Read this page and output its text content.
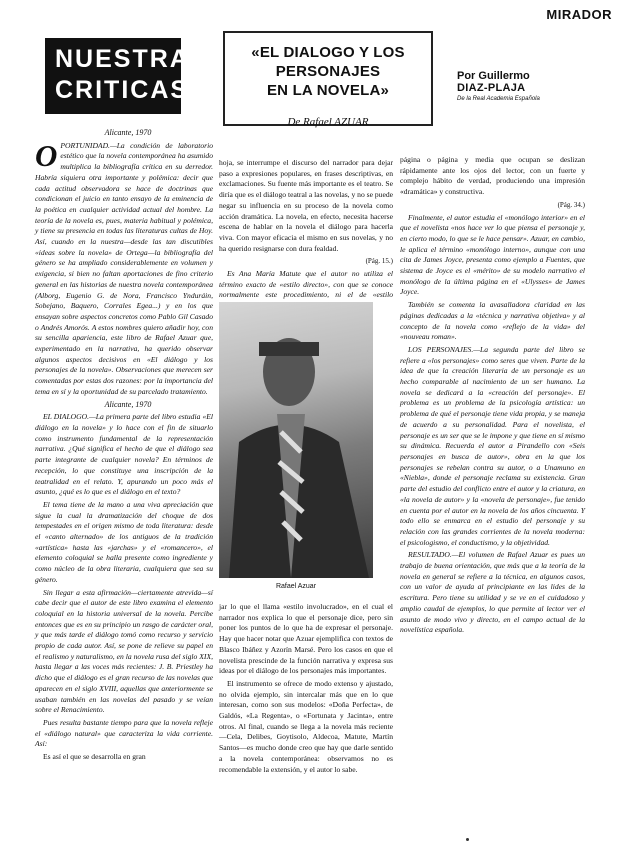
MIRADOR
NUESTRAS
CRITICAS
«EL DIALOGO Y LOS PERSONAJES
EN LA NOVELA»
De Rafael AZUAR
Por Guillermo
DIAZ-PLAJA
De la Real Academia Española

Alicante, 1970

OPORTUNIDAD.—La condición de laboratorio estético que la novela contemporánea ha asumido multiplica la bibliografía crítica en su derredor. Habría siquiera otra importante y polémica: decir que cada actitud observadora se hace de doctrinas que condicionan el juicio en tanto ensayo de la eminencia de la poética en cualquier actividad actual del hombre. La teoría de la novela es, pues, materia habitual y polémica, y tiene su presencia en todas las literaturas cultas de Hoy. Así, cuando en la nuestra—desde las tan discutibles «ideas sobre la novela» de Ortega—la bibliografía del género se ha ampliado considerablemente en volumen y exigencia, si bien no faltan aportaciones de fino criterio general en las historias de nuestra novela contemporánea (Alborg, Eugenio G. de Nora, Francisco Ynduráin, Sobejano, Baquero, Corrales Egea...) y en los que ensayan sobre aspectos concretos como Pablo Gil Casado o Andrés Amorós. A estos nombres quiero añadir hoy, con su sencilla apariencia, este libro de Rafael Azuar que, experimentado en la narrativa, ha querido observar algunos aspectos decisivos en «El diálogo y los personajes de la novela». Observaciones que merecen ser comentadas por estas dos razones: por la importancia del tema en sí y la oportunidad de su parcelado tratamiento.

Alicante, 1970

EL DIALOGO.—La primera parte del libro estudia «El diálogo en la novela» y lo hace con el fin de situarlo como instrumento fundamental de la representación narrativa. ¿Qué significa el hecho de que el diálogo sea parte integrante de cualquier novela? En términos de recepción, lo que constituye una inscripción de la teatralidad en el relato. Y, apurando un poco más el asunto, ¿qué es lo que es el diálogo en el texto?

El tema tiene de la mano a una viva apreciación que sigue la cual la dramatización del choque de dos tempestades en el origen mismo de toda literatura: desde el «canto alternado» de los antiguos de la tradición «artística» hasta las «jarchas» y el «romancero», el elemento coloquial se halla presente como ingrediente y como núcleo de la obra literaria, cualquiera que sea su género.

Sin llegar a esta afirmación—ciertamente atrevida—sí cabe decir que el autor de este libro examina el elemento coloquial en la historia universal de la novela. Percibe entonces que es en su principio un rasgo de carácter oral, y que más tarde el diálogo tomó como recurso y servicio propio de cada autor. Así, se pone de relieve su papel en el realismo y naturalismo, en la novela rusa del siglo XIX, hasta llegar a las voces más recientes: J. B. Priestley ha dicho que el diálogo es el gran recurso de las novelas que aparecen en el siglo XVIII, aquellas que anteriormente se usaban también en las novelas del pasado y se veían sobre el Renacimiento.

Pues resulta bastante tiempo para que la novela refleje el «diálogo natural» que caracteriza la vida corriente. Así:

Es así el que se desarrolla en gran

hoja, se interrumpe el discurso del narrador para dejar paso a expresiones populares, en frases descriptivas, en exclamaciones. Su fuente más importante es el teatro. Se diría que es el diálogo teatral a las novelas, y no se puede negar su influencia en su proceso de la novela como acción dramática. La novela, en efecto, necesita hacerse escena de hablar en la novela el diálogo para hacerla viva. Con mayor eficacia el mismo en sus novelas, y no ha querido resignarse con dura fealdad.

(Pág. 15.)

Es Ana María Matute que el autor no utiliza el término exacto de «estilo directo», con que se conoce normalmente este procedimiento, ni el de «estilo

Rafael Azuar

jar lo que el llama «estilo involucrado», en el cual el narrador nos explica lo que el personaje dice, pero sin poner los puntos de lo que ha de expresar el personaje. Hay que hacer notar que Azuar ejemplifica con textos de Blasco Ibáñez y Azorín Marsé. Pero los casos en que el novelista prescinde de la función narrativa y expresa sus ideas por el diálogo de los personajes más importantes.

El instrumento se ofrece de modo extenso y ajustado, no olvida ejemplo, sin intercalar más que en lo que interesan, como son sus modelos: «Doña Perfecta», de Galdós, «La Regenta», o «Fortunata y Jacinta», entre otros. Al final, cuando se llega a la novela más reciente—Cela, Delibes, Goytisolo, Aldecoa, Matute, Martín Santos—es mucho donde creo que hay que darle sentido a la novela contemporánea: observamos no es recomendable la extensión, y el autor lo sabe.

página o página y media que ocupan se deslizan rápidamente ante los ojos del lector, con un fuerte y complejo hábito de verdad, produciendo una impresión «dramática» y constructiva.

(Pág. 34.)

Finalmente, el autor estudia el «monólogo interior» en el que el novelista «nos hace ver lo que piensa el personaje y, en cierto modo, lo que se le hace pensar». Azuar, en cambio, le aplica el término «monólogo interno», aunque con una cita de James Joyce, presenta como ejemplo a Fuentes, que sistema de Joyce es el «mérito» de su modelo narrativo el monólogo de la última página en el «Ulysses» de James Joyce.

También se comenta la avasalladora claridad en las páginas dedicadas a la «técnica y narrativa objetiva» y al concepto de la novela como «reflejo de la vida» del «nouveau roman».

LOS PERSONAJES.—La segunda parte del libro se refiere a «los personajes» como seres que viven. Parte de la idea de que la creación literaria de un personaje es un hecho comparable al nacimiento de un ser humano. La novela se dedicará a la «creación del personaje». El problema es un problema de la psicología artística: un problema de qué el personaje tiene vida propia, y se maneja de acuerdo a su personalidad. Para el novelista, el personaje es un ser que se le impone y que tiene en sí mismo su dinámica. Recuerda el autor a Pirandello con «Seis personajes en busca de autor», obra en la que los personajes se rebelan contra su autor, o a Unamuno en «Niebla», donde el personaje reclama su existencia. Gran parte del estudio del conflicto entre el autor y la criatura, en «la novela de autor» y la «novela de personaje», fue tenido en cuenta por el autor en la novela de los años cincuenta. Y todo ello se enmarca en el estudio del personaje y su relación con las grandes corrientes de la novela moderna: el psicologismo, el conductismo, y la objetividad.

RESULTADO.—El volumen de Rafael Azuar es pues un trabajo de buena orientación, que más que a la teoría de la novela en general se refiere a la técnica, en algunos casos, con un valor de ayuda al principiante en las lides de la escritura. Pero tiene su utilidad y se ve en el cuidadoso y amplio caudal de ejemplos, lo que permite al lector ver el asunto de modo vivo y directo, en el campo actual de la novelística española.
